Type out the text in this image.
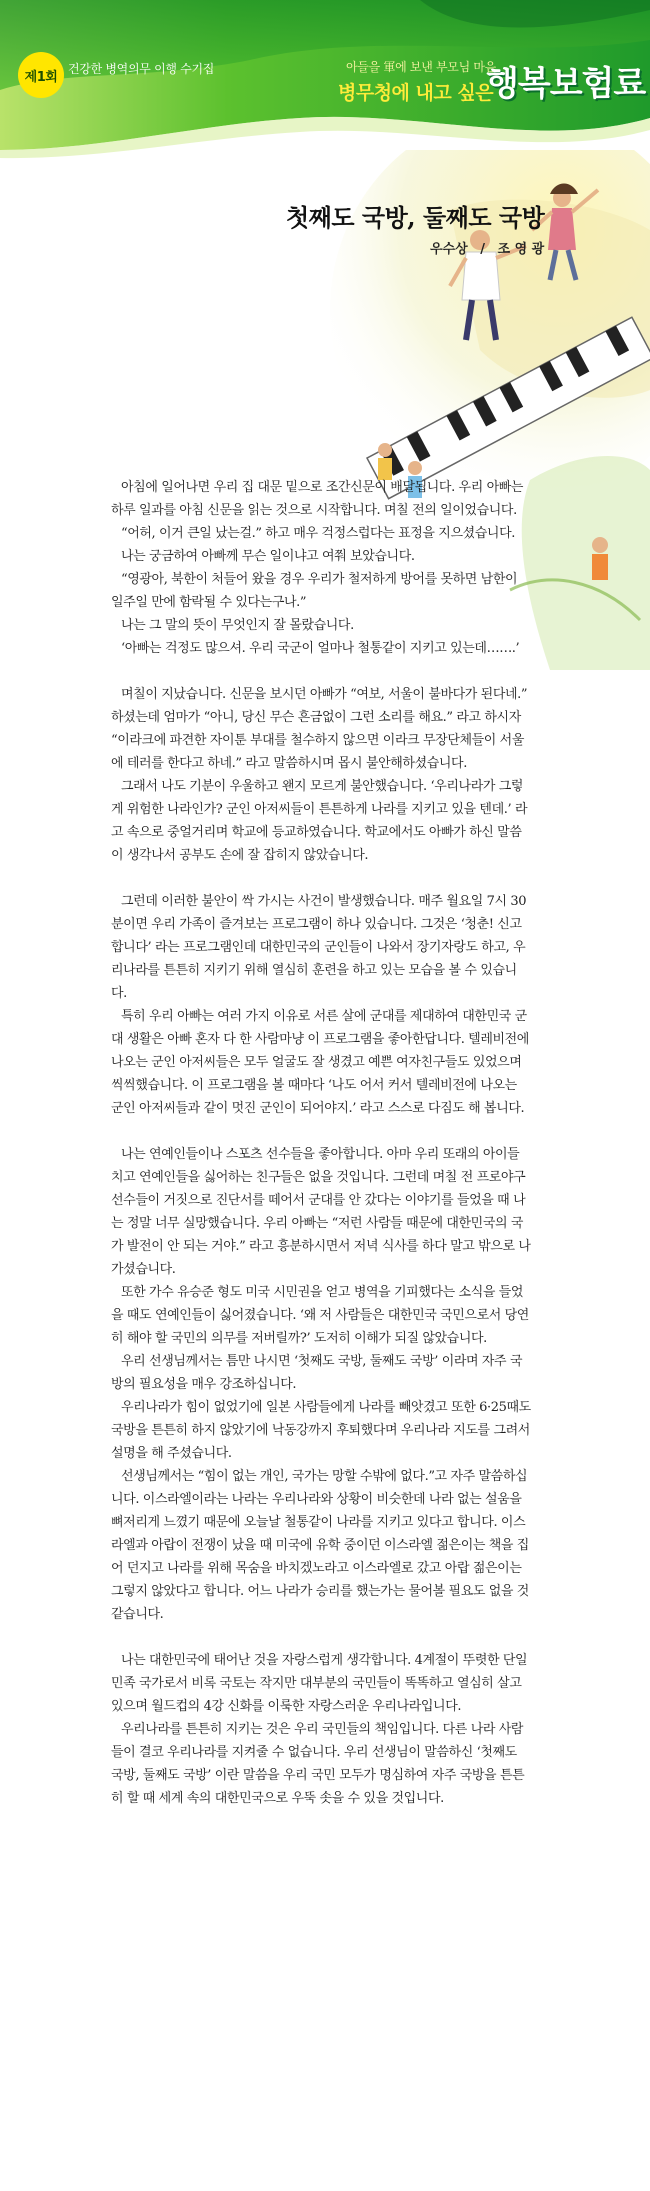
제1회
건강한 병역의무 이행 수기집	아들을 軍에 보낸 부모님 마음
병무청에 내고 싶은
행복보험료
첫째도 국방, 둘째도 국방
우수상 / 조 영 광

아침에 일어나면 우리 집 대문 밑으로 조간신문이 배달됩니다. 우리 아빠는 하루 일과를 아침 신문을 읽는 것으로 시작합니다. 며칠 전의 일이었습니다.

“어허, 이거 큰일 났는걸.” 하고 매우 걱정스럽다는 표정을 지으셨습니다.

나는 궁금하여 아빠께 무슨 일이냐고 여쭤 보았습니다.

“영광아, 북한이 처들어 왔을 경우 우리가 철저하게 방어를 못하면 남한이 일주일 만에 함락될 수 있다는구나.”

나는 그 말의 뜻이 무엇인지 잘 몰랐습니다.

‘아빠는 걱정도 많으셔. 우리 국군이 얼마나 철통같이 지키고 있는데…….’

며칠이 지났습니다. 신문을 보시던 아빠가 “여보, 서울이 불바다가 된다네.” 하셨는데 엄마가 “아니, 당신 무슨 흔금없이 그런 소리를 해요.” 라고 하시자 “이라크에 파견한 자이툰 부대를 철수하지 않으면 이라크 무장단체들이 서울에 테러를 한다고 하네.” 라고 말씀하시며 몹시 불안해하셨습니다.

그래서 나도 기분이 우울하고 왠지 모르게 불안했습니다. ‘우리나라가 그렇게 위험한 나라인가? 군인 아저씨들이 튼튼하게 나라를 지키고 있을 텐데.’ 라고 속으로 중얼거리며 학교에 등교하였습니다. 학교에서도 아빠가 하신 말씀이 생각나서 공부도 손에 잘 잡히지 않았습니다.

그런데 이러한 불안이 싹 가시는 사건이 발생했습니다. 매주 월요일 7시 30분이면 우리 가족이 즐겨보는 프로그램이 하나 있습니다. 그것은 ‘청춘! 신고합니다’ 라는 프로그램인데 대한민국의 군인들이 나와서 장기자랑도 하고, 우리나라를 튼튼히 지키기 위해 열심히 훈련을 하고 있는 모습을 볼 수 있습니다.

특히 우리 아빠는 여러 가지 이유로 서른 살에 군대를 제대하여 대한민국 군대 생활은 아빠 혼자 다 한 사람마냥 이 프로그램을 좋아한답니다. 텔레비전에 나오는 군인 아저씨들은 모두 얼굴도 잘 생겼고 예쁜 여자친구들도 있었으며 씩씩했습니다. 이 프로그램을 볼 때마다 ‘나도 어서 커서 텔레비전에 나오는 군인 아저씨들과 같이 멋진 군인이 되어야지.’ 라고 스스로 다짐도 해 봅니다.

나는 연예인들이나 스포츠 선수들을 좋아합니다. 아마 우리 또래의 아이들 치고 연예인들을 싫어하는 친구들은 없을 것입니다. 그런데 며칠 전 프로야구 선수들이 거짓으로 진단서를 떼어서 군대를 안 갔다는 이야기를 들었을 때 나는 정말 너무 실망했습니다. 우리 아빠는 “저런 사람들 때문에 대한민국의 국가 발전이 안 되는 거야.” 라고 흥분하시면서 저녁 식사를 하다 말고 밖으로 나가셨습니다.

또한 가수 유승준 형도 미국 시민권을 얻고 병역을 기피했다는 소식을 들었을 때도 연예인들이 싫어졌습니다. ‘왜 저 사람들은 대한민국 국민으로서 당연히 해야 할 국민의 의무를 저버릴까?’ 도저히 이해가 되질 않았습니다.

우리 선생님께서는 틈만 나시면 ‘첫째도 국방, 둘째도 국방’ 이라며 자주 국방의 필요성을 매우 강조하십니다.

우리나라가 힘이 없었기에 일본 사람들에게 나라를 빼앗겼고 또한 6·25때도 국방을 튼튼히 하지 않았기에 낙동강까지 후퇴했다며 우리나라 지도를 그려서 설명을 해 주셨습니다.

선생님께서는 “힘이 없는 개인, 국가는 망할 수밖에 없다.”고 자주 말씀하십니다. 이스라엘이라는 나라는 우리나라와 상황이 비슷한데 나라 없는 설움을 뼈저리게 느꼈기 때문에 오늘날 철통같이 나라를 지키고 있다고 합니다. 이스라엘과 아랍이 전쟁이 났을 때 미국에 유학 중이던 이스라엘 젊은이는 책을 집어 던지고 나라를 위해 목숨을 바치겠노라고 이스라엘로 갔고 아랍 젊은이는 그렇지 않았다고 합니다. 어느 나라가 승리를 했는가는 물어볼 필요도 없을 것 같습니다.

나는 대한민국에 태어난 것을 자랑스럽게 생각합니다. 4계절이 뚜렷한 단일민족 국가로서 비록 국토는 작지만 대부분의 국민들이 똑똑하고 열심히 살고 있으며 월드컵의 4강 신화를 이룩한 자랑스러운 우리나라입니다.

우리나라를 튼튼히 지키는 것은 우리 국민들의 책임입니다. 다른 나라 사람들이 결코 우리나라를 지켜줄 수 없습니다. 우리 선생님이 말씀하신 ‘첫째도 국방, 둘째도 국방’ 이란 말씀을 우리 국민 모두가 명심하여 자주 국방을 튼튼히 할 때 세계 속의 대한민국으로 우뚝 솟을 수 있을 것입니다.
